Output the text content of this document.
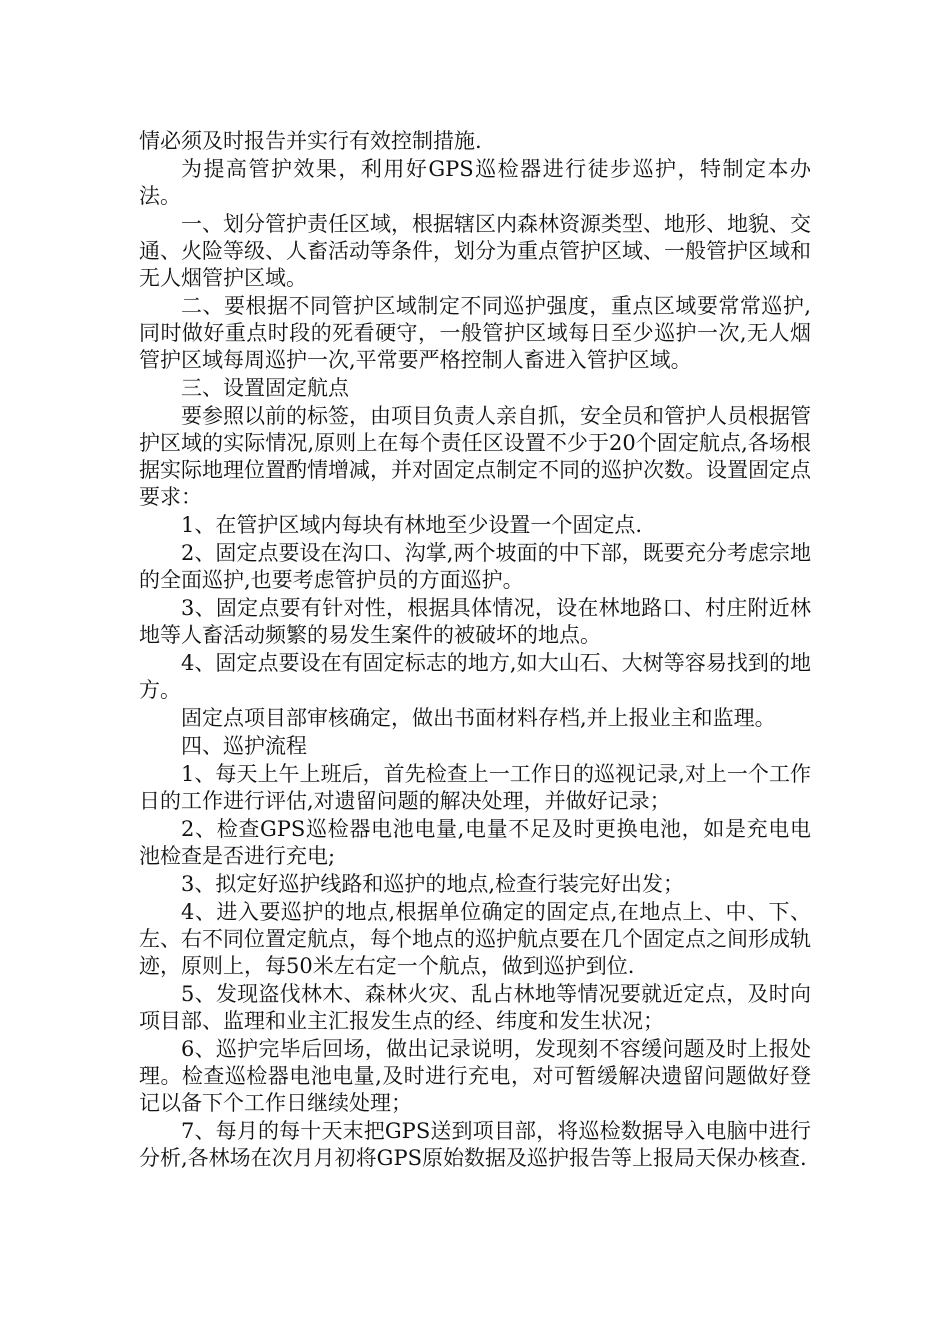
情必须及时报告并实行有效控制措施.

为提高管护效果，利用好GPS巡检器进行徒步巡护，特制定本办法。

一、划分管护责任区域，根据辖区内森林资源类型、地形、地貌、交通、火险等级、人畜活动等条件，划分为重点管护区域、一般管护区域和无人烟管护区域。

二、要根据不同管护区域制定不同巡护强度，重点区域要常常巡护,同时做好重点时段的死看硬守，一般管护区域每日至少巡护一次,无人烟管护区域每周巡护一次,平常要严格控制人畜进入管护区域。

三、设置固定航点

要参照以前的标签，由项目负责人亲自抓，安全员和管护人员根据管护区域的实际情况,原则上在每个责任区设置不少于20个固定航点,各场根据实际地理位置酌情增减，并对固定点制定不同的巡护次数。设置固定点要求：

1、在管护区域内每块有林地至少设置一个固定点.

2、固定点要设在沟口、沟掌,两个坡面的中下部，既要充分考虑宗地的全面巡护,也要考虑管护员的方面巡护。

3、固定点要有针对性，根据具体情况，设在林地路口、村庄附近林地等人畜活动频繁的易发生案件的被破坏的地点。

4、固定点要设在有固定标志的地方,如大山石、大树等容易找到的地方。

固定点项目部审核确定，做出书面材料存档,并上报业主和监理。

四、巡护流程

1、每天上午上班后，首先检查上一工作日的巡视记录,对上一个工作日的工作进行评估,对遗留问题的解决处理，并做好记录；

2、检查GPS巡检器电池电量,电量不足及时更换电池，如是充电电池检查是否进行充电;

3、拟定好巡护线路和巡护的地点,检查行装完好出发；

4、进入要巡护的地点,根据单位确定的固定点,在地点上、中、下、左、右不同位置定航点，每个地点的巡护航点要在几个固定点之间形成轨迹，原则上，每50米左右定一个航点，做到巡护到位.

5、发现盗伐林木、森林火灾、乱占林地等情况要就近定点，及时向项目部、监理和业主汇报发生点的经、纬度和发生状况；

6、巡护完毕后回场，做出记录说明，发现刻不容缓问题及时上报处理。检查巡检器电池电量,及时进行充电，对可暂缓解决遗留问题做好登记以备下个工作日继续处理；

7、每月的每十天末把GPS送到项目部，将巡检数据导入电脑中进行分析,各林场在次月月初将GPS原始数据及巡护报告等上报局天保办核查.
